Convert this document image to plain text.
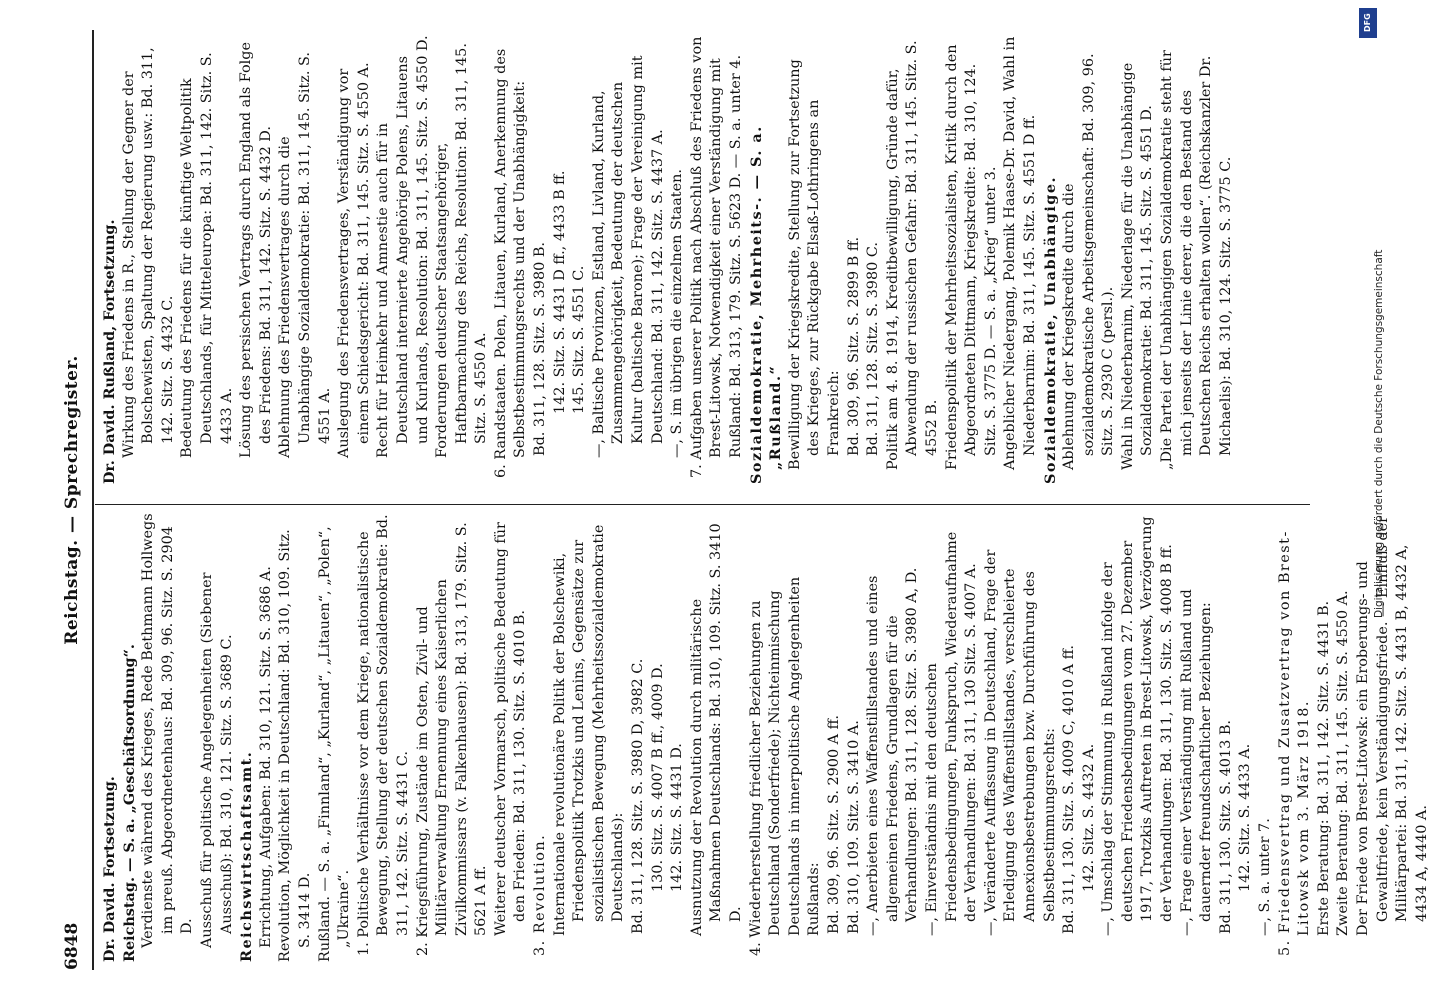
6848
Reichstag. — Sprechregister.

Dr. David. Fortsetzung. Reichstag. — S. a. „Geschäftsordnung“. Verdienste während des Krieges, Rede Bethmann Hollwegs im preuß. Abgeordnetenhaus: Bd. 309, 96. Sitz. S. 2904 D. Ausschuß für politische Angelegenheiten (Siebener Ausschuß): Bd. 310, 121. Sitz. S. 3689 C. Reichswirtschaftsamt. Errichtung, Aufgaben: Bd. 310, 121. Sitz. S. 3686 A. Revolution, Möglichkeit in Deutschland: Bd. 310, 109. Sitz. S. 3414 D. Rußland. — S. a. „Finnland“, „Kurland“, „Litauen“, „Polen“, „Ukraine“. 1. Politische Verhältnisse vor dem Kriege, nationalistische Bewegung, Stellung der deutschen Sozialdemokratie: Bd. 311, 142. Sitz. S. 4431 C. 2. Kriegsführung, Zustände im Osten, Zivil- und Militärverwaltung Ernennung eines Kaiserlichen Zivilkommissars (v. Falkenhausen): Bd. 313, 179. Sitz. S. 5621 A ff. Weiterer deutscher Vormarsch, politische Bedeutung für den Frieden: Bd. 311, 130. Sitz. S. 4010 B. 3. Revolution. Internationale revolutionäre Politik der Bolschewiki, Friedenspolitik Trotzkis und Lenins, Gegensätze zur sozialistischen Bewegung (Mehrheitssozialdemokratie Deutschlands): Bd. 311, 128. Sitz. S. 3980 D, 3982 C. 130. Sitz. S. 4007 B ff., 4009 D. 142. Sitz. S. 4431 D. Ausnutzung der Revolution durch militärische Maßnahmen Deutschlands: Bd. 310, 109. Sitz. S. 3410 D. 4. Wiederherstellung friedlicher Beziehungen zu Deutschland (Sonderfriede); Nichteinmischung Deutschlands in innerpolitische Angelegenheiten Rußlands: Bd. 309, 96. Sitz. S. 2900 A ff. Bd. 310, 109. Sitz. S. 3410 A. —, Anerbieten eines Waffenstillstandes und eines allgemeinen Friedens, Grundlagen für die Verhandlungen: Bd. 311, 128. Sitz. S. 3980 A, D. —, Einverständnis mit den deutschen Friedensbedingungen, Funkspruch, Wiederaufnahme der Verhandlungen: Bd. 311, 130 Sitz. S. 4007 A. —, Veränderte Auffassung in Deutschland, Frage der Erledigung des Waffenstillstandes, verschleierte Annexionsbestrebungen bzw. Durchführung des Selbstbestimmungsrechts: Bd. 311, 130. Sitz. S. 4009 C, 4010 A ff. 142. Sitz. S. 4432 A. —, Umschlag der Stimmung in Rußland infolge der deutschen Friedensbedingungen vom 27. Dezember 1917, Trotzkis Auftreten in Brest-Litowsk, Verzögerung der Verhandlungen: Bd. 311, 130. Sitz. S. 4008 B ff. —, Frage einer Verständigung mit Rußland und dauernder freundschaftlicher Beziehungen: Bd. 311, 130. Sitz. S. 4013 B. 142. Sitz. S. 4433 A. —, S. a. unter 7. 5. Friedensvertrag und Zusatzvertrag von Brest-Litowsk vom 3. März 1918. Erste Beratung: Bd. 311, 142. Sitz. S. 4431 B. Zweite Beratung: Bd. 311, 145. Sitz. S. 4550 A. Der Friede von Brest-Litowsk: ein Eroberungs- und Gewaltfriede, kein Verständigungsfriede. — Einfluß der Militärpartei: Bd. 311, 142. Sitz. S. 4431 B, 4432 A, 4434 A, 4440 A.

Dr. David. Rußland, Fortsetzung. Wirkung des Friedens in R., Stellung der Gegner der Bolschewisten, Spaltung der Regierung usw.: Bd. 311, 142. Sitz. S. 4432 C. Bedeutung des Friedens für die künftige Weltpolitik Deutschlands, für Mitteleuropa: Bd. 311, 142. Sitz. S. 4433 A. Lösung des persischen Vertrags durch England als Folge des Friedens: Bd. 311, 142. Sitz. S. 4432 D. Ablehnung des Friedensvertrages durch die Unabhängige Sozialdemokratie: Bd. 311, 145. Sitz. S. 4551 A. Auslegung des Friedensvertrages, Verständigung vor einem Schiedsgericht: Bd. 311, 145. Sitz. S. 4550 A. Recht für Heimkehr und Amnestie auch für in Deutschland internierte Angehörige Polens, Litauens und Kurlands, Resolution: Bd. 311, 145. Sitz. S. 4550 D. Forderungen deutscher Staatsangehöriger, Haftbarmachung des Reichs, Resolution: Bd. 311, 145. Sitz. S. 4550 A. 6. Randstaaten. Polen, Litauen, Kurland, Anerkennung des Selbstbestimmungsrechts und der Unabhängigkeit: Bd. 311, 128. Sitz. S. 3980 B. 142. Sitz. S. 4431 D ff., 4433 B ff. 145. Sitz. S. 4551 C. —, Baltische Provinzen, Estland, Livland, Kurland, Zusammengehörigkeit, Bedeutung der deutschen Kultur (baltische Barone); Frage der Vereinigung mit Deutschland: Bd. 311, 142. Sitz. S. 4437 A. —, S. im übrigen die einzelnen Staaten. 7. Aufgaben unserer Politik nach Abschluß des Friedens von Brest-Litowsk, Notwendigkeit einer Verständigung mit Rußland: Bd. 313, 179. Sitz. S. 5623 D. — S. a. unter 4. Sozialdemokratie, Mehrheits-. — S. a. „Rußland.“ Bewilligung der Kriegskredite, Stellung zur Fortsetzung des Krieges, zur Rückgabe Elsaß-Lothringens an Frankreich: Bd. 309, 96. Sitz. S. 2899 B ff. Bd. 311, 128. Sitz. S. 3980 C. Politik am 4. 8. 1914, Kreditbewilligung, Gründe dafür, Abwendung der russischen Gefahr: Bd. 311, 145. Sitz. S. 4552 B. Friedenspolitik der Mehrheitssozialisten, Kritik durch den Abgeordneten Dittmann, Kriegskredite: Bd. 310, 124. Sitz. S. 3775 D. — S. a. „Krieg“ unter 3. Angeblicher Niedergang, Polemik Haase-Dr. David, Wahl in Niederbarnim: Bd. 311, 145. Sitz. S. 4551 D ff. Sozialdemokratie, Unabhängige. Ablehnung der Kriegskredite durch die sozialdemokratische Arbeitsgemeinschaft: Bd. 309, 96. Sitz. S. 2930 C (persl.). Wahl in Niederbarnim, Niederlage für die Unabhängige Sozialdemokratie: Bd. 311, 145. Sitz. S. 4551 D. „Die Partei der Unabhängigen Sozialdemokratie steht für mich jenseits der Linie derer, die den Bestand des Deutschen Reichs erhalten wollen“. (Reichskanzler Dr. Michaelis): Bd. 310, 124. Sitz. S. 3775 C.

DFG
Digitalisierung gefördert durch die Deutsche Forschungsgemeinschaft
